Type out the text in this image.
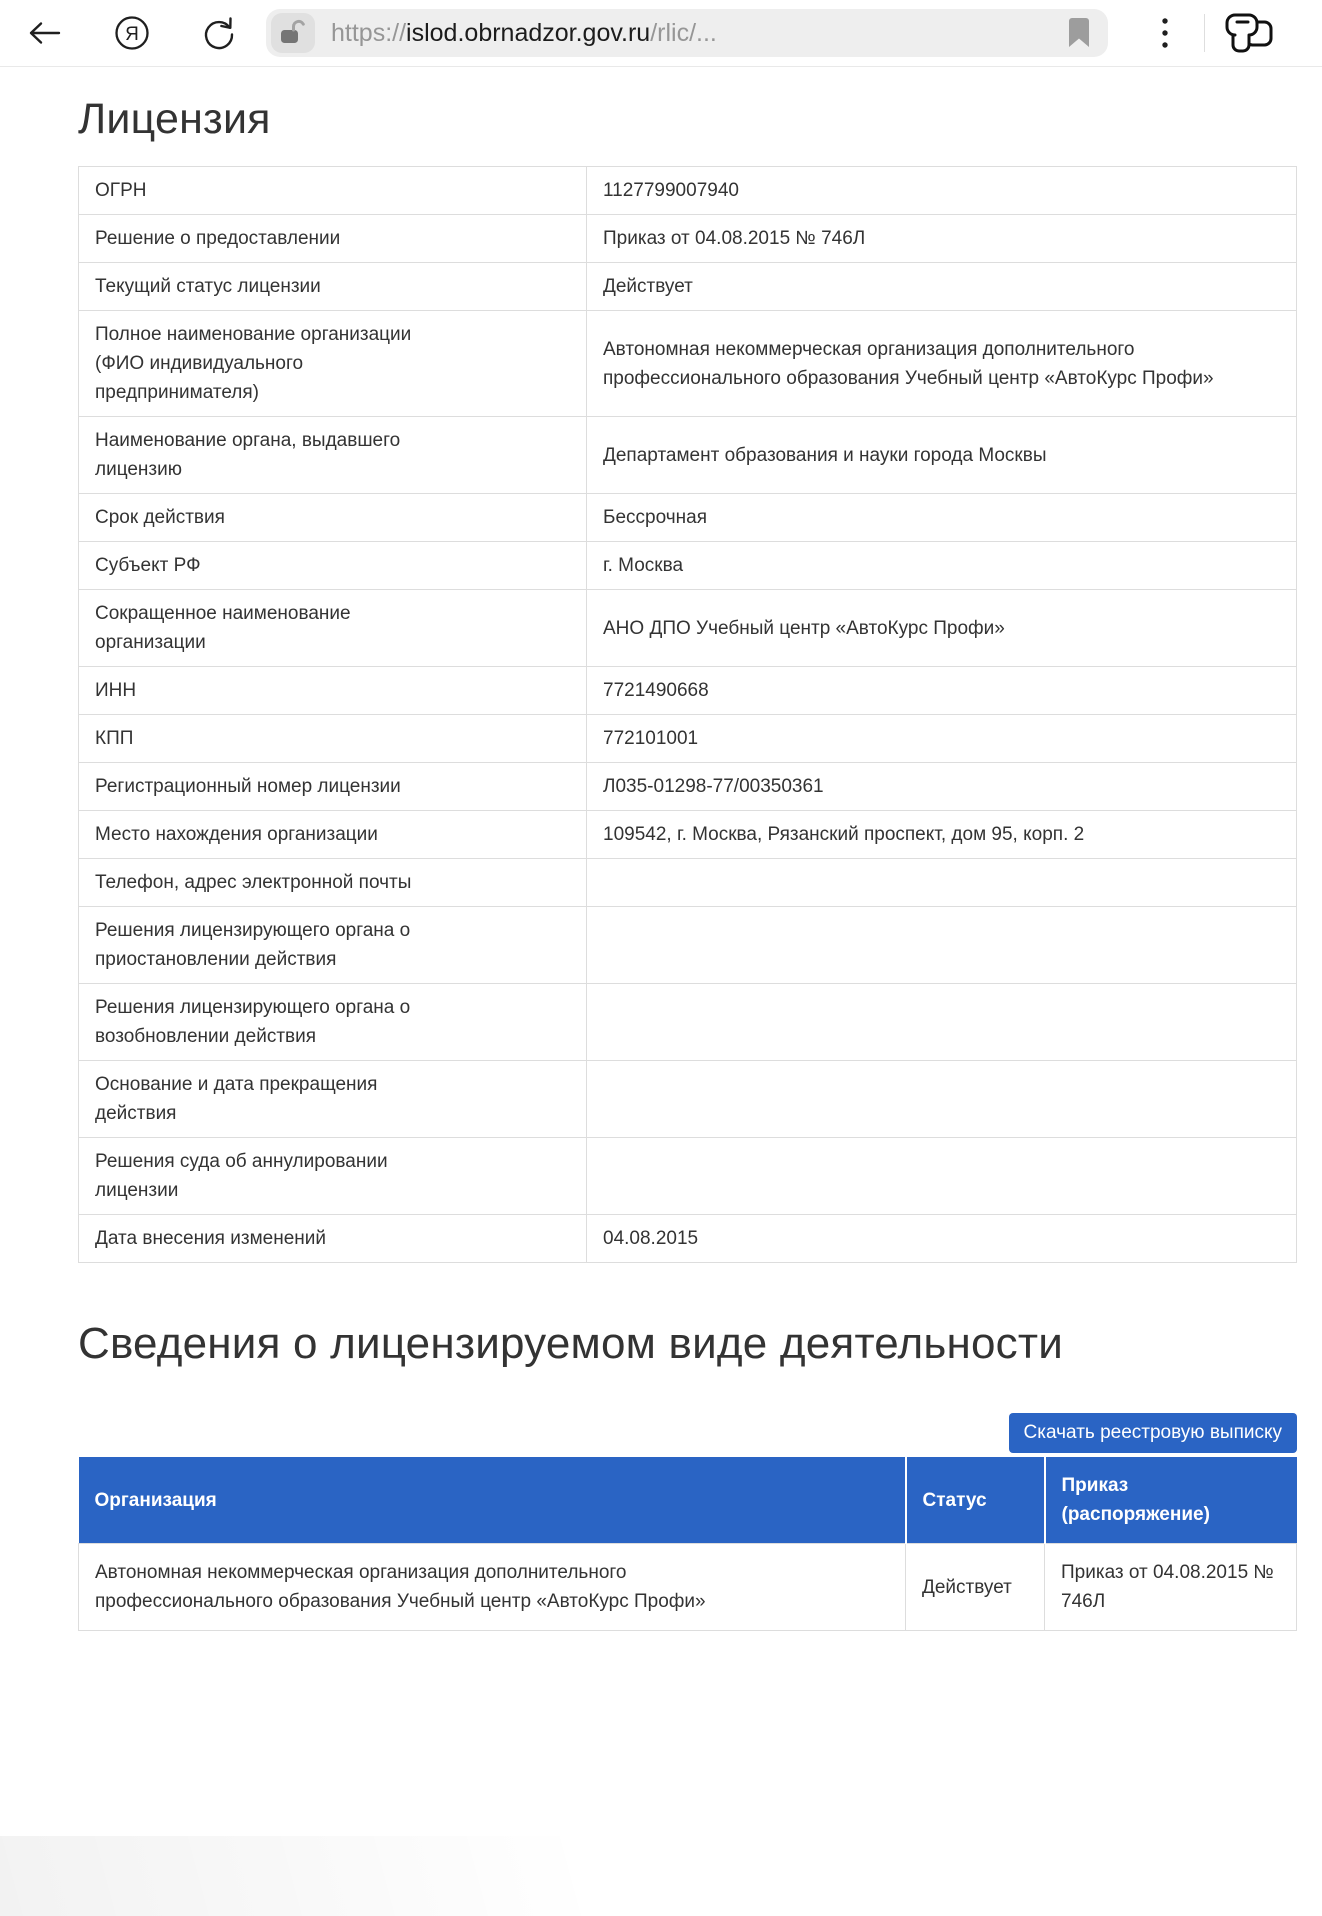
Я	https://islod.obrnadzor.gov.ru/rlic/...
Лицензия
ОГРН	1127799007940
Решение о предоставлении	Приказ от 04.08.2015 № 746Л
Текущий статус лицензии	Действует
Полное наименование организации (ФИО индивидуального предпринимателя)	Автономная некоммерческая организация дополнительного профессионального образования Учебный центр «АвтоКурс Профи»
Наименование органа, выдавшего лицензию	Департамент образования и науки города Москвы
Срок действия	Бессрочная
Субъект РФ	г. Москва
Сокращенное наименование организации	АНО ДПО Учебный центр «АвтоКурс Профи»
ИНН	7721490668
КПП	772101001
Регистрационный номер лицензии	Л035-01298-77/00350361
Место нахождения организации	109542, г. Москва, Рязанский проспект, дом 95, корп. 2
Телефон, адрес электронной почты	
Решения лицензирующего органа о приостановлении действия	
Решения лицензирующего органа о возобновлении действия	
Основание и дата прекращения действия	
Решения суда об аннулировании лицензии	
Дата внесения изменений	04.08.2015
Сведения о лицензируемом виде деятельности
Скачать реестровую выписку
Организация	Статус	Приказ (распоряжение)
Автономная некоммерческая организация дополнительного профессионального образования Учебный центр «АвтоКурс Профи»	Действует	Приказ от 04.08.2015 № 746Л
